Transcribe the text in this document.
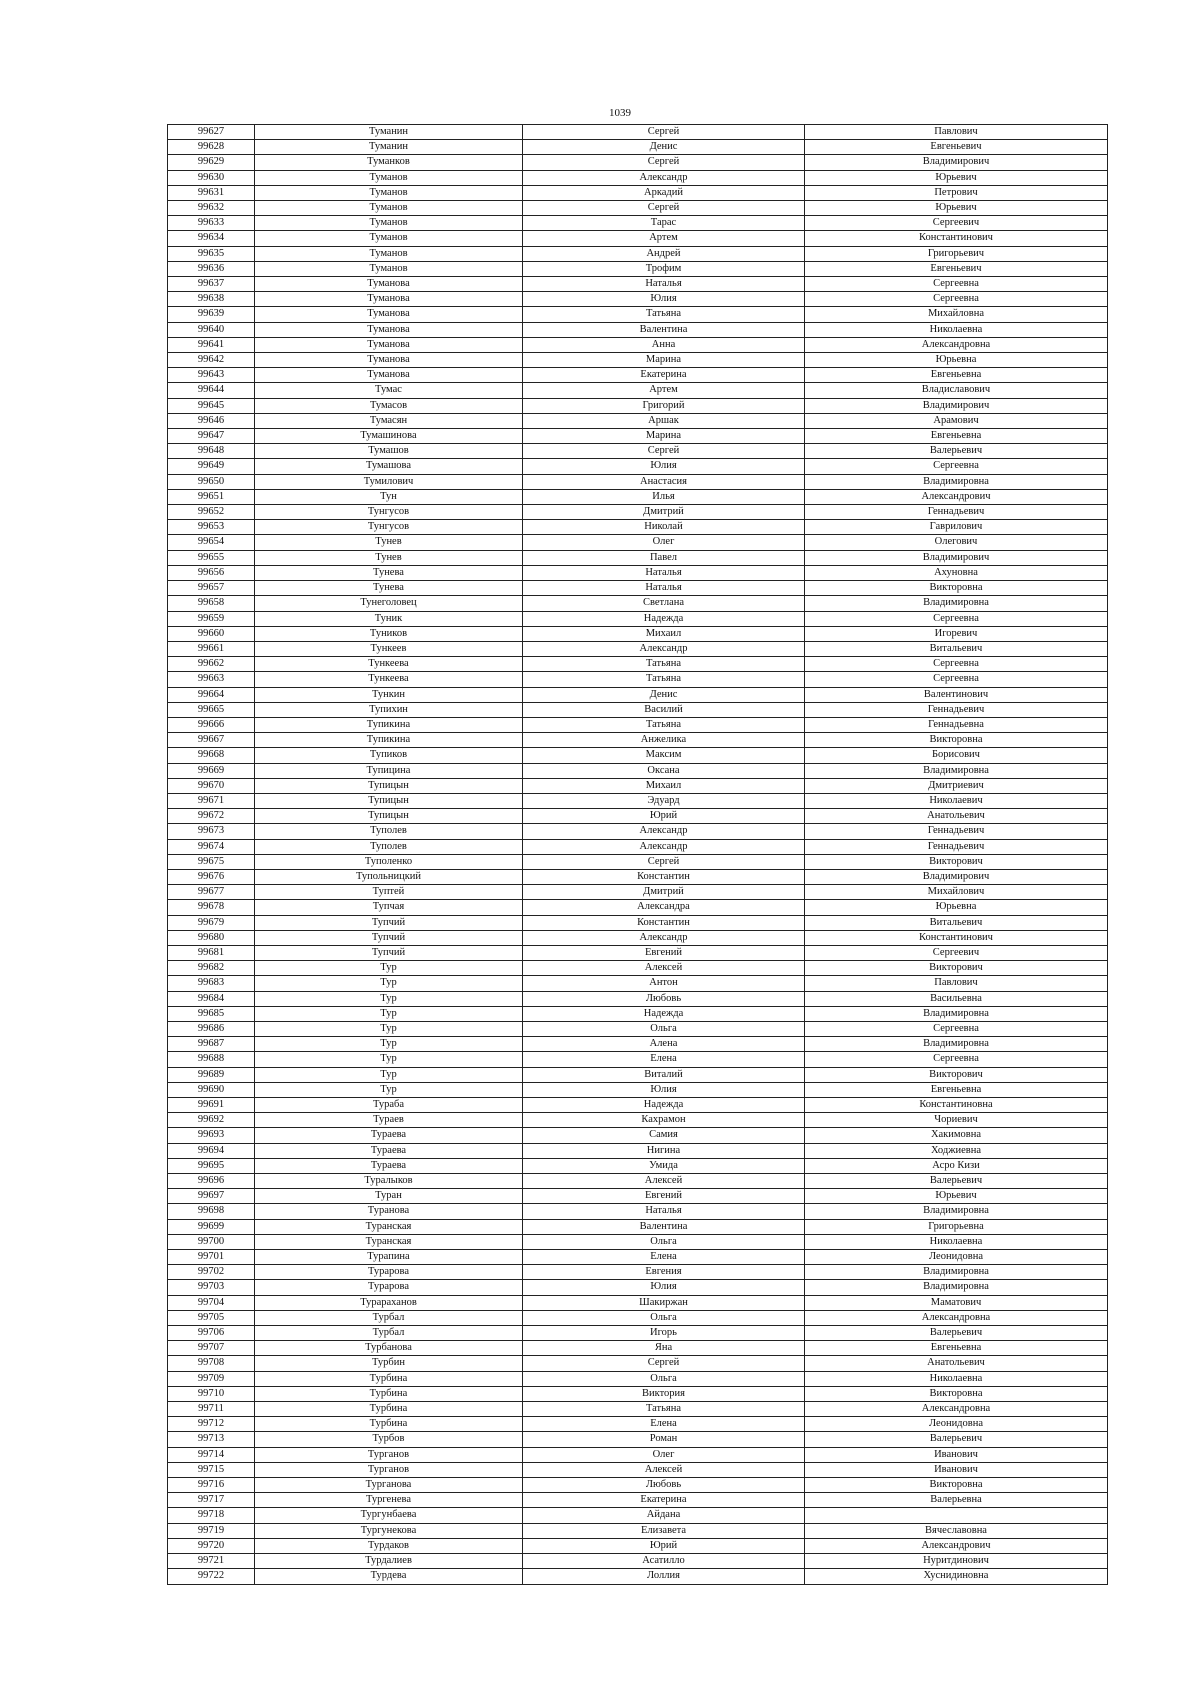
1039
99627	Туманин	Сергей	Павлович
99628	Туманин	Денис	Евгеньевич
99629	Туманков	Сергей	Владимирович
99630	Туманов	Александр	Юрьевич
99631	Туманов	Аркадий	Петрович
99632	Туманов	Сергей	Юрьевич
99633	Туманов	Тарас	Сергеевич
99634	Туманов	Артем	Константинович
99635	Туманов	Андрей	Григорьевич
99636	Туманов	Трофим	Евгеньевич
99637	Туманова	Наталья	Сергеевна
99638	Туманова	Юлия	Сергеевна
99639	Туманова	Татьяна	Михайловна
99640	Туманова	Валентина	Николаевна
99641	Туманова	Анна	Александровна
99642	Туманова	Марина	Юрьевна
99643	Туманова	Екатерина	Евгеньевна
99644	Тумас	Артем	Владиславович
99645	Тумасов	Григорий	Владимирович
99646	Тумасян	Аршак	Арамович
99647	Тумашинова	Марина	Евгеньевна
99648	Тумашов	Сергей	Валерьевич
99649	Тумашова	Юлия	Сергеевна
99650	Тумилович	Анастасия	Владимировна
99651	Тун	Илья	Александрович
99652	Тунгусов	Дмитрий	Геннадьевич
99653	Тунгусов	Николай	Гаврилович
99654	Тунев	Олег	Олегович
99655	Тунев	Павел	Владимирович
99656	Тунева	Наталья	Ахуновна
99657	Тунева	Наталья	Викторовна
99658	Тунеголовец	Светлана	Владимировна
99659	Туник	Надежда	Сергеевна
99660	Туников	Михаил	Игоревич
99661	Тункеев	Александр	Витальевич
99662	Тункеева	Татьяна	Сергеевна
99663	Тункеева	Татьяна	Сергеевна
99664	Тункин	Денис	Валентинович
99665	Тупихин	Василий	Геннадьевич
99666	Тупикина	Татьяна	Геннадьевна
99667	Тупикина	Анжелика	Викторовна
99668	Тупиков	Максим	Борисович
99669	Тупицина	Оксана	Владимировна
99670	Тупицын	Михаил	Дмитриевич
99671	Тупицын	Эдуард	Николаевич
99672	Тупицын	Юрий	Анатольевич
99673	Туполев	Александр	Геннадьевич
99674	Туполев	Александр	Геннадьевич
99675	Туполенко	Сергей	Викторович
99676	Тупольницкий	Константин	Владимирович
99677	Туптей	Дмитрий	Михайлович
99678	Тупчая	Александра	Юрьевна
99679	Тупчий	Константин	Витальевич
99680	Тупчий	Александр	Константинович
99681	Тупчий	Евгений	Сергеевич
99682	Тур	Алексей	Викторович
99683	Тур	Антон	Павлович
99684	Тур	Любовь	Васильевна
99685	Тур	Надежда	Владимировна
99686	Тур	Ольга	Сергеевна
99687	Тур	Алена	Владимировна
99688	Тур	Елена	Сергеевна
99689	Тур	Виталий	Викторович
99690	Тур	Юлия	Евгеньевна
99691	Тураба	Надежда	Константиновна
99692	Тураев	Кахрамон	Чориевич
99693	Тураева	Самия	Хакимовна
99694	Тураева	Нигина	Ходжиевна
99695	Тураева	Умида	Асро Кизи
99696	Туралыков	Алексей	Валерьевич
99697	Туран	Евгений	Юрьевич
99698	Туранова	Наталья	Владимировна
99699	Туранская	Валентина	Григорьевна
99700	Туранская	Ольга	Николаевна
99701	Турапина	Елена	Леонидовна
99702	Турарова	Евгения	Владимировна
99703	Турарова	Юлия	Владимировна
99704	Турараханов	Шакиржан	Маматович
99705	Турбал	Ольга	Александровна
99706	Турбал	Игорь	Валерьевич
99707	Турбанова	Яна	Евгеньевна
99708	Турбин	Сергей	Анатольевич
99709	Турбина	Ольга	Николаевна
99710	Турбина	Виктория	Викторовна
99711	Турбина	Татьяна	Александровна
99712	Турбина	Елена	Леонидовна
99713	Турбов	Роман	Валерьевич
99714	Турганов	Олег	Иванович
99715	Турганов	Алексей	Иванович
99716	Турганова	Любовь	Викторовна
99717	Тургенева	Екатерина	Валерьевна
99718	Тургунбаева	Айдана	
99719	Тургунекова	Елизавета	Вячеславовна
99720	Турдаков	Юрий	Александрович
99721	Турдалиев	Асатилло	Нуритдинович
99722	Турдева	Лоллия	Хуснидиновна
